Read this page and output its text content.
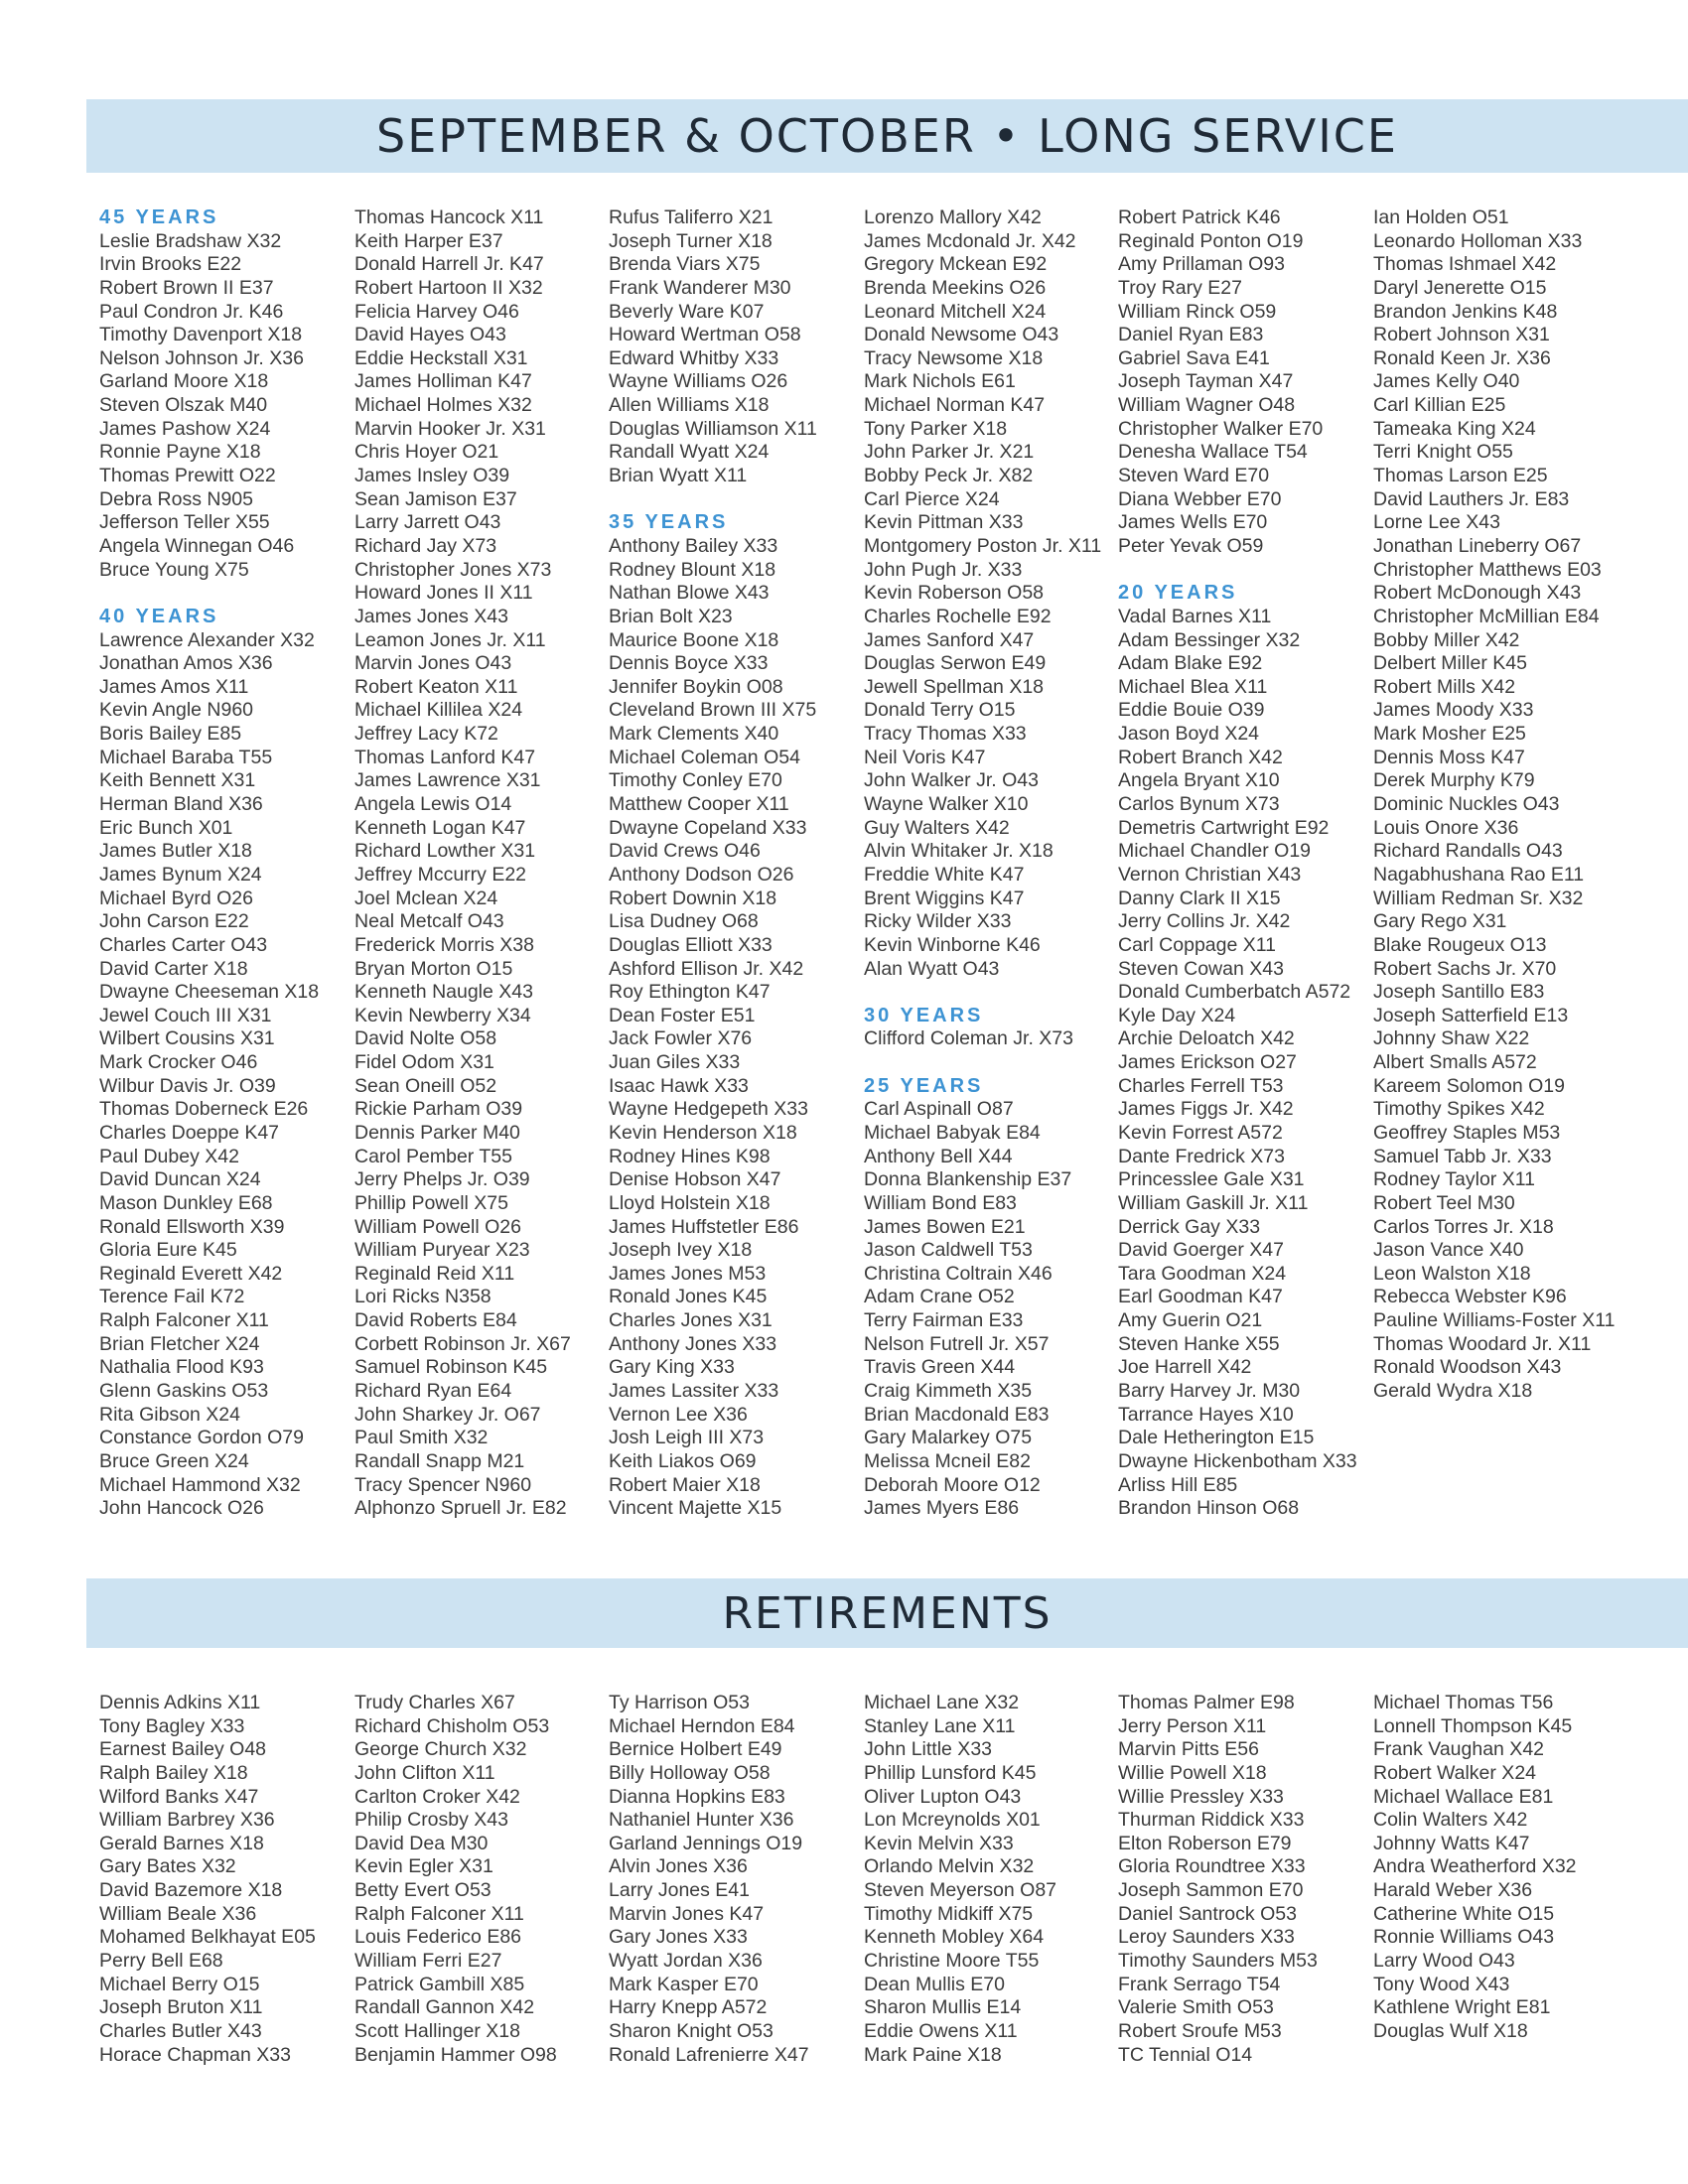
SEPTEMBER & OCTOBER • LONG SERVICE
45 YEARS
Leslie Bradshaw X32
Irvin Brooks E22
Robert Brown II E37
Paul Condron Jr. K46
Timothy Davenport X18
Nelson Johnson Jr. X36
Garland Moore X18
Steven Olszak M40
James Pashow X24
Ronnie Payne X18
Thomas Prewitt O22
Debra Ross N905
Jefferson Teller X55
Angela Winnegan O46
Bruce Young X75
40 YEARS
Lawrence Alexander X32
Jonathan Amos X36
James Amos X11
Kevin Angle N960
Boris Bailey E85
Michael Baraba T55
Keith Bennett X31
Herman Bland X36
Eric Bunch X01
James Butler X18
James Bynum X24
Michael Byrd O26
John Carson E22
Charles Carter O43
David Carter X18
Dwayne Cheeseman X18
Jewel Couch III X31
Wilbert Cousins X31
Mark Crocker O46
Wilbur Davis Jr. O39
Thomas Doberneck E26
Charles Doeppe K47
Paul Dubey X42
David Duncan X24
Mason Dunkley E68
Ronald Ellsworth X39
Gloria Eure K45
Reginald Everett X42
Terence Fail K72
Ralph Falconer X11
Brian Fletcher X24
Nathalia Flood K93
Glenn Gaskins O53
Rita Gibson X24
Constance Gordon O79
Bruce Green X24
Michael Hammond X32
John Hancock O26
Thomas Hancock X11
Keith Harper E37
Donald Harrell Jr. K47
Robert Hartoon II X32
Felicia Harvey O46
David Hayes O43
Eddie Heckstall X31
James Holliman K47
Michael Holmes X32
Marvin Hooker Jr. X31
Chris Hoyer O21
James Insley O39
Sean Jamison E37
Larry Jarrett O43
Richard Jay X73
Christopher Jones X73
Howard Jones II X11
James Jones X43
Leamon Jones Jr. X11
Marvin Jones O43
Robert Keaton X11
Michael Killilea X24
Jeffrey Lacy K72
Thomas Lanford K47
James Lawrence X31
Angela Lewis O14
Kenneth Logan K47
Richard Lowther X31
Jeffrey Mccurry E22
Joel Mclean X24
Neal Metcalf O43
Frederick Morris X38
Bryan Morton O15
Kenneth Naugle X43
Kevin Newberry X34
David Nolte O58
Fidel Odom X31
Sean Oneill O52
Rickie Parham O39
Dennis Parker M40
Carol Pember T55
Jerry Phelps Jr. O39
Phillip Powell X75
William Powell O26
William Puryear X23
Reginald Reid X11
Lori Ricks N358
David Roberts E84
Corbett Robinson Jr. X67
Samuel Robinson K45
Richard Ryan E64
John Sharkey Jr. O67
Paul Smith X32
Randall Snapp M21
Tracy Spencer N960
Alphonzo Spruell Jr. E82
Rufus Taliferro X21
Joseph Turner X18
Brenda Viars X75
Frank Wanderer M30
Beverly Ware K07
Howard Wertman O58
Edward Whitby X33
Wayne Williams O26
Allen Williams X18
Douglas Williamson X11
Randall Wyatt X24
Brian Wyatt X11
35 YEARS
Anthony Bailey X33
Rodney Blount X18
Nathan Blowe X43
Brian Bolt X23
Maurice Boone X18
Dennis Boyce X33
Jennifer Boykin O08
Cleveland Brown III X75
Mark Clements X40
Michael Coleman O54
Timothy Conley E70
Matthew Cooper X11
Dwayne Copeland X33
David Crews O46
Anthony Dodson O26
Robert Downin X18
Lisa Dudney O68
Douglas Elliott X33
Ashford Ellison Jr. X42
Roy Ethington K47
Dean Foster E51
Jack Fowler X76
Juan Giles X33
Isaac Hawk X33
Wayne Hedgepeth X33
Kevin Henderson X18
Rodney Hines K98
Denise Hobson X47
Lloyd Holstein X18
James Huffstetler E86
Joseph Ivey X18
James Jones M53
Ronald Jones K45
Charles Jones X31
Anthony Jones X33
Gary King X33
James Lassiter X33
Vernon Lee X36
Josh Leigh III X73
Keith Liakos O69
Robert Maier X18
Vincent Majette X15
Lorenzo Mallory X42
James Mcdonald Jr. X42
Gregory Mckean E92
Brenda Meekins O26
Leonard Mitchell X24
Donald Newsome O43
Tracy Newsome X18
Mark Nichols E61
Michael Norman K47
Tony Parker X18
John Parker Jr. X21
Bobby Peck Jr. X82
Carl Pierce X24
Kevin Pittman X33
Montgomery Poston Jr. X11
John Pugh Jr. X33
Kevin Roberson O58
Charles Rochelle E92
James Sanford X47
Douglas Serwon E49
Jewell Spellman X18
Donald Terry O15
Tracy Thomas X33
Neil Voris K47
John Walker Jr. O43
Wayne Walker X10
Guy Walters X42
Alvin Whitaker Jr. X18
Freddie White K47
Brent Wiggins K47
Ricky Wilder X33
Kevin Winborne K46
Alan Wyatt O43
30 YEARS
Clifford Coleman Jr. X73
25 YEARS
Carl Aspinall O87
Michael Babyak E84
Anthony Bell X44
Donna Blankenship E37
William Bond E83
James Bowen E21
Jason Caldwell T53
Christina Coltrain X46
Adam Crane O52
Terry Fairman E33
Nelson Futrell Jr. X57
Travis Green X44
Craig Kimmeth X35
Brian Macdonald E83
Gary Malarkey O75
Melissa Mcneil E82
Deborah Moore O12
James Myers E86
Robert Patrick K46
Reginald Ponton O19
Amy Prillaman O93
Troy Rary E27
William Rinck O59
Daniel Ryan E83
Gabriel Sava E41
Joseph Tayman X47
William Wagner O48
Christopher Walker E70
Denesha Wallace T54
Steven Ward E70
Diana Webber E70
James Wells E70
Peter Yevak O59
20 YEARS
Vadal Barnes X11
Adam Bessinger X32
Adam Blake E92
Michael Blea X11
Eddie Bouie O39
Jason Boyd X24
Robert Branch X42
Angela Bryant X10
Carlos Bynum X73
Demetris Cartwright E92
Michael Chandler O19
Vernon Christian X43
Danny Clark II X15
Jerry Collins Jr. X42
Carl Coppage X11
Steven Cowan X43
Donald Cumberbatch A572
Kyle Day X24
Archie Deloatch X42
James Erickson O27
Charles Ferrell T53
James Figgs Jr. X42
Kevin Forrest A572
Dante Fredrick X73
Princesslee Gale X31
William Gaskill Jr. X11
Derrick Gay X33
David Goerger X47
Tara Goodman X24
Earl Goodman K47
Amy Guerin O21
Steven Hanke X55
Joe Harrell X42
Barry Harvey Jr. M30
Tarrance Hayes X10
Dale Hetherington E15
Dwayne Hickenbotham X33
Arliss Hill E85
Brandon Hinson O68
Ian Holden O51
Leonardo Holloman X33
Thomas Ishmael X42
Daryl Jenerette O15
Brandon Jenkins K48
Robert Johnson X31
Ronald Keen Jr. X36
James Kelly O40
Carl Killian E25
Tameaka King X24
Terri Knight O55
Thomas Larson E25
David Lauthers Jr. E83
Lorne Lee X43
Jonathan Lineberry O67
Christopher Matthews E03
Robert McDonough X43
Christopher McMillian E84
Bobby Miller X42
Delbert Miller K45
Robert Mills X42
James Moody X33
Mark Mosher E25
Dennis Moss K47
Derek Murphy K79
Dominic Nuckles O43
Louis Onore X36
Richard Randalls O43
Nagabhushana Rao E11
William Redman Sr. X32
Gary Rego X31
Blake Rougeux O13
Robert Sachs Jr. X70
Joseph Santillo E83
Joseph Satterfield E13
Johnny Shaw X22
Albert Smalls A572
Kareem Solomon O19
Timothy Spikes X42
Geoffrey Staples M53
Samuel Tabb Jr. X33
Rodney Taylor X11
Robert Teel M30
Carlos Torres Jr. X18
Jason Vance X40
Leon Walston X18
Rebecca Webster K96
Pauline Williams-Foster X11
Thomas Woodard Jr. X11
Ronald Woodson X43
Gerald Wydra X18
RETIREMENTS
Dennis Adkins X11
Tony Bagley X33
Earnest Bailey O48
Ralph Bailey X18
Wilford Banks X47
William Barbrey X36
Gerald Barnes X18
Gary Bates X32
David Bazemore X18
William Beale X36
Mohamed Belkhayat E05
Perry Bell E68
Michael Berry O15
Joseph Bruton X11
Charles Butler X43
Horace Chapman X33
Trudy Charles X67
Richard Chisholm O53
George Church X32
John Clifton X11
Carlton Croker X42
Philip Crosby X43
David Dea M30
Kevin Egler X31
Betty Evert O53
Ralph Falconer X11
Louis Federico E86
William Ferri E27
Patrick Gambill X85
Randall Gannon X42
Scott Hallinger X18
Benjamin Hammer O98
Ty Harrison O53
Michael Herndon E84
Bernice Holbert E49
Billy Holloway O58
Dianna Hopkins E83
Nathaniel Hunter X36
Garland Jennings O19
Alvin Jones X36
Larry Jones E41
Marvin Jones K47
Gary Jones X33
Wyatt Jordan X36
Mark Kasper E70
Harry Knepp A572
Sharon Knight O53
Ronald Lafrenierre X47
Michael Lane X32
Stanley Lane X11
John Little X33
Phillip Lunsford K45
Oliver Lupton O43
Lon Mcreynolds X01
Kevin Melvin X33
Orlando Melvin X32
Steven Meyerson O87
Timothy Midkiff X75
Kenneth Mobley X64
Christine Moore T55
Dean Mullis E70
Sharon Mullis E14
Eddie Owens X11
Mark Paine X18
Thomas Palmer E98
Jerry Person X11
Marvin Pitts E56
Willie Powell X18
Willie Pressley X33
Thurman Riddick X33
Elton Roberson E79
Gloria Roundtree X33
Joseph Sammon E70
Daniel Santrock O53
Leroy Saunders X33
Timothy Saunders M53
Frank Serrago T54
Valerie Smith O53
Robert Sroufe M53
TC Tennial O14
Michael Thomas T56
Lonnell Thompson K45
Frank Vaughan X42
Robert Walker X24
Michael Wallace E81
Colin Walters X42
Johnny Watts K47
Andra Weatherford X32
Harald Weber X36
Catherine White O15
Ronnie Williams O43
Larry Wood O43
Tony Wood X43
Kathlene Wright E81
Douglas Wulf X18
